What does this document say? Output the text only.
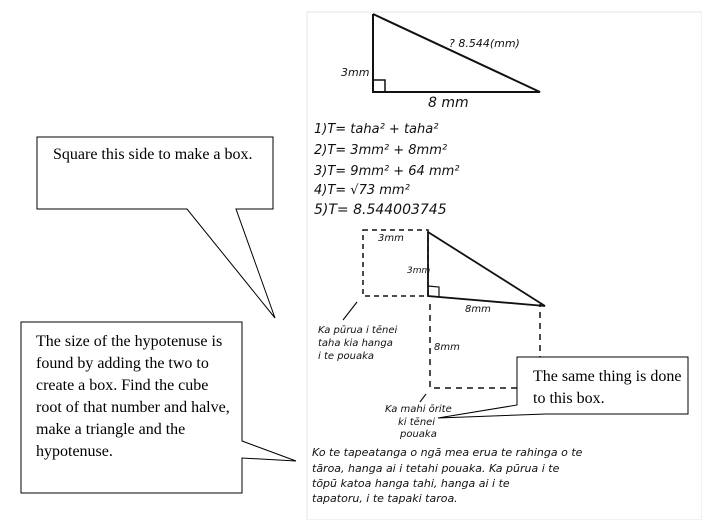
? 8.544(mm)
3mm
8 mm
1)T= taha² + taha²
2)T= 3mm² + 8mm²
3)T= 9mm² + 64 mm²
4)T= √73 mm²
5)T= 8.544003745
3mm
3mm
8mm
8mm
Ka pūrua i tēnei
taha kia hanga
i te pouaka
Ka mahi ōrite
ki tēnei
pouaka
Ko te tapeatanga o ngā mea erua te rahinga o te
tāroa, hanga ai i tetahi pouaka. Ka pūrua i te
tōpū katoa hanga tahi, hanga ai i te
tapatoru, i te tapaki taroa.

Square this side to make a box.

The size of the hypotenuse is found by adding the two to create a box. Find the cube root of that number and halve, make a triangle and the hypotenuse.

The same thing is done to this box.
